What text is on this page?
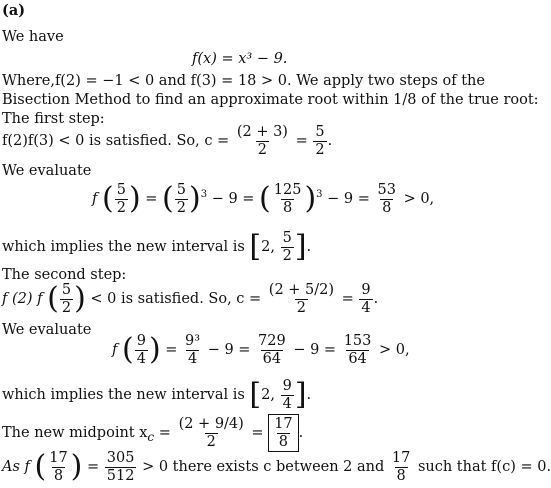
(a)
We have
f(x) = x³ − 9.
Where,f(2) = −1 < 0 and f(3) = 18 > 0. We apply two steps of the
Bisection Method to find an approximate root within 1/8 of the true root:
The first step:
f(2)f(3) < 0 is satisfied. So, $c = \frac{(2 + 3)}{2} = \frac{5}{2}$ .
We evaluate
f ( $\frac{5}{2}$ ) = ( $\frac{5}{2} )^3 - 9$ = ( $\frac{125}{8} )^3 - 9 = \frac{53}{8} > 0$,
which implies the new interval is [2, $\frac{5}{2}$ ].
The second step:
f (2) f ( $\frac{5}{2}$ ) < 0 is satisfied. So, $c = \frac{(2 + 5/2)}{2} = \frac{9}{4}$ .
We evaluate
f ( $\frac{9}{4}$ ) = $\frac{\text{9³}}{4} - 9 = \frac{729}{64} - 9 = \frac{153}{64} > 0$,
which implies the new interval is [2, $\frac{9}{4}$ ].
The new midpoint $x_c = \frac{(2 + 9/4)}{2} = \frac{17}{8}$ .
As f ( $\frac{17}{8}$ ) = $\frac{305}{512} > 0$ there exists c between 2 and $\frac{17}{8}$ such that f(c) = 0.
